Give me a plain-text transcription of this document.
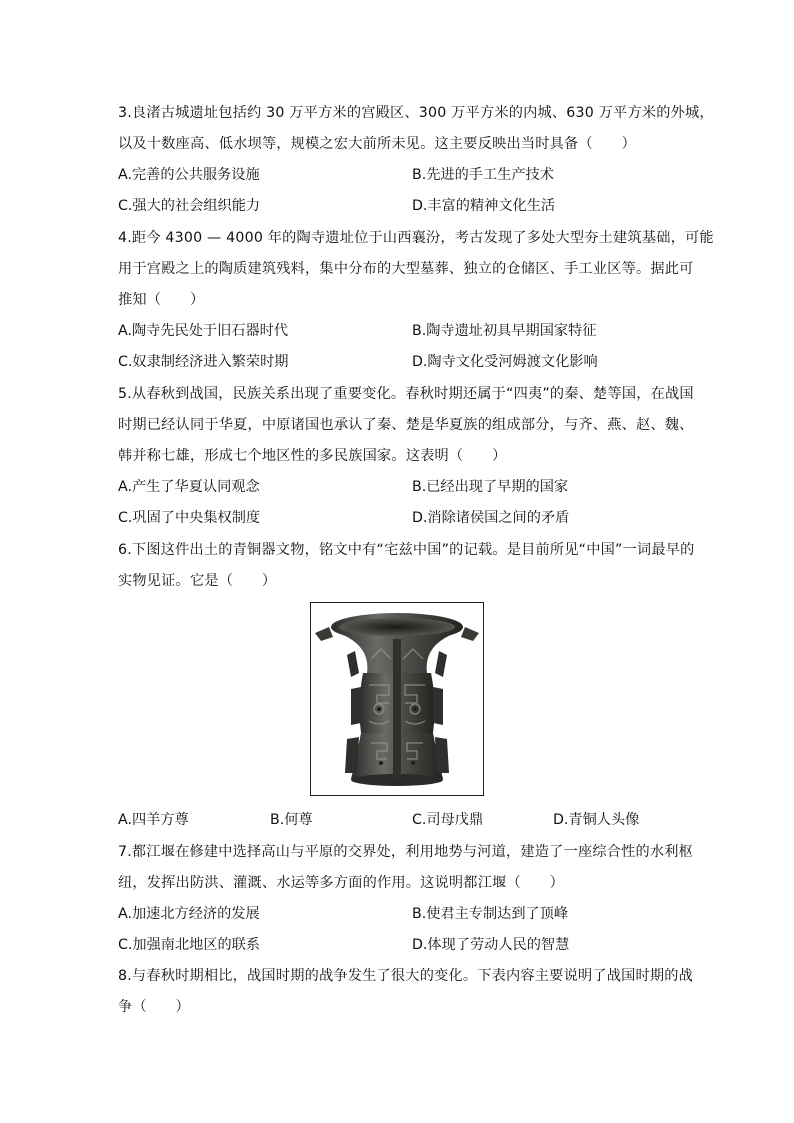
3.良渚古城遗址包括约 30 万平方米的宫殿区、300 万平方米的内城、630 万平方米的外城，
以及十数座高、低水坝等，规模之宏大前所未见。这主要反映出当时具备（　　）
A.完善的公共服务设施	B.先进的手工生产技术
C.强大的社会组织能力	D.丰富的精神文化生活
4.距今 4300 — 4000 年的陶寺遗址位于山西襄汾，考古发现了多处大型夯土建筑基础，可能
用于宫殿之上的陶质建筑残料，集中分布的大型墓葬、独立的仓储区、手工业区等。据此可
推知（　　）
A.陶寺先民处于旧石器时代	B.陶寺遗址初具早期国家特征
C.奴隶制经济进入繁荣时期	D.陶寺文化受河姆渡文化影响
5.从春秋到战国，民族关系出现了重要变化。春秋时期还属于“四夷”的秦、楚等国，在战国
时期已经认同于华夏，中原诸国也承认了秦、楚是华夏族的组成部分，与齐、燕、赵、魏、
韩并称七雄，形成七个地区性的多民族国家。这表明（　　）
A.产生了华夏认同观念	B.已经出现了早期的国家
C.巩固了中央集权制度	D.消除诸侯国之间的矛盾
6.下图这件出土的青铜器文物，铭文中有“宅兹中国”的记载。是目前所见“中国”一词最早的
实物见证。它是（　　）
A.四羊方尊	B.何尊	C.司母戊鼎	D.青铜人头像
7.都江堰在修建中选择高山与平原的交界处，利用地势与河道，建造了一座综合性的水利枢
纽，发挥出防洪、灌溉、水运等多方面的作用。这说明都江堰（　　）
A.加速北方经济的发展	B.使君主专制达到了顶峰
C.加强南北地区的联系	D.体现了劳动人民的智慧
8.与春秋时期相比，战国时期的战争发生了很大的变化。下表内容主要说明了战国时期的战
争（　　）
